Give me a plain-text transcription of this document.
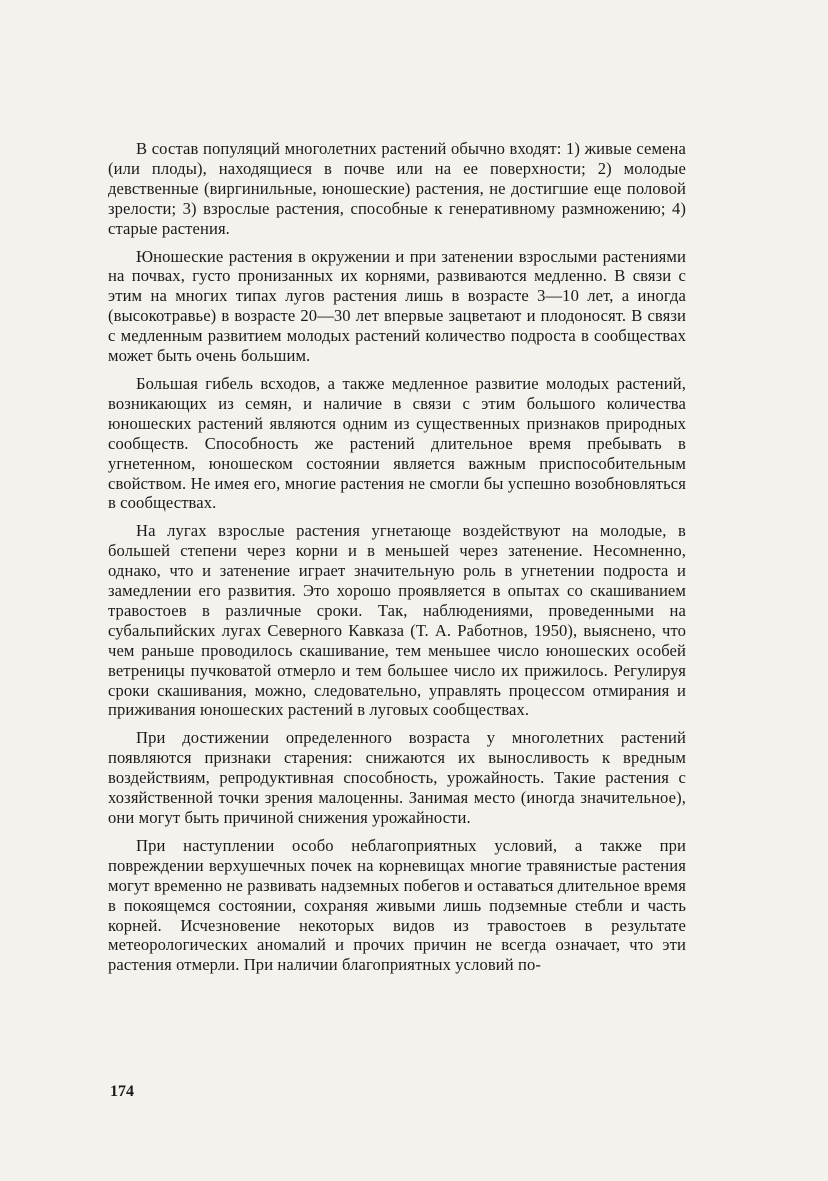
В состав популяций многолетних растений обычно входят: 1) живые семена (или плоды), находящиеся в почве или на ее поверхности; 2) молодые девственные (виргинильные, юношеские) растения, не достигшие еще половой зрелости; 3) взрослые растения, способные к генеративному размножению; 4) старые растения.

Юношеские растения в окружении и при затенении взрослыми растениями на почвах, густо пронизанных их корнями, развиваются медленно. В связи с этим на многих типах лугов растения лишь в возрасте 3—10 лет, а иногда (высокотравье) в возрасте 20—30 лет впервые зацветают и плодоносят. В связи с медленным развитием молодых растений количество подроста в сообществах может быть очень большим.

Большая гибель всходов, а также медленное развитие молодых растений, возникающих из семян, и наличие в связи с этим большого количества юношеских растений являются одним из существенных признаков природных сообществ. Способность же растений длительное время пребывать в угнетенном, юношеском состоянии является важным приспособительным свойством. Не имея его, многие растения не смогли бы успешно возобновляться в сообществах.

На лугах взрослые растения угнетающе воздействуют на молодые, в большей степени через корни и в меньшей через затенение. Несомненно, однако, что и затенение играет значительную роль в угнетении подроста и замедлении его развития. Это хорошо проявляется в опытах со скашиванием травостоев в различные сроки. Так, наблюдениями, проведенными на субальпийских лугах Северного Кавказа (Т. А. Работнов, 1950), выяснено, что чем раньше проводилось скашивание, тем меньшее число юношеских особей ветреницы пучковатой отмерло и тем большее число их прижилось. Регулируя сроки скашивания, можно, следовательно, управлять процессом отмирания и приживания юношеских растений в луговых сообществах.

При достижении определенного возраста у многолетних растений появляются признаки старения: снижаются их выносливость к вредным воздействиям, репродуктивная способность, урожайность. Такие растения с хозяйственной точки зрения малоценны. Занимая место (иногда значительное), они могут быть причиной снижения урожайности.

При наступлении особо неблагоприятных условий, а также при повреждении верхушечных почек на корневищах многие травянистые растения могут временно не развивать надземных побегов и оставаться длительное время в покоящемся состоянии, сохраняя живыми лишь подземные стебли и часть корней. Исчезновение некоторых видов из травостоев в результате метеорологических аномалий и прочих причин не всегда означает, что эти растения отмерли. При наличии благоприятных условий по-

174
